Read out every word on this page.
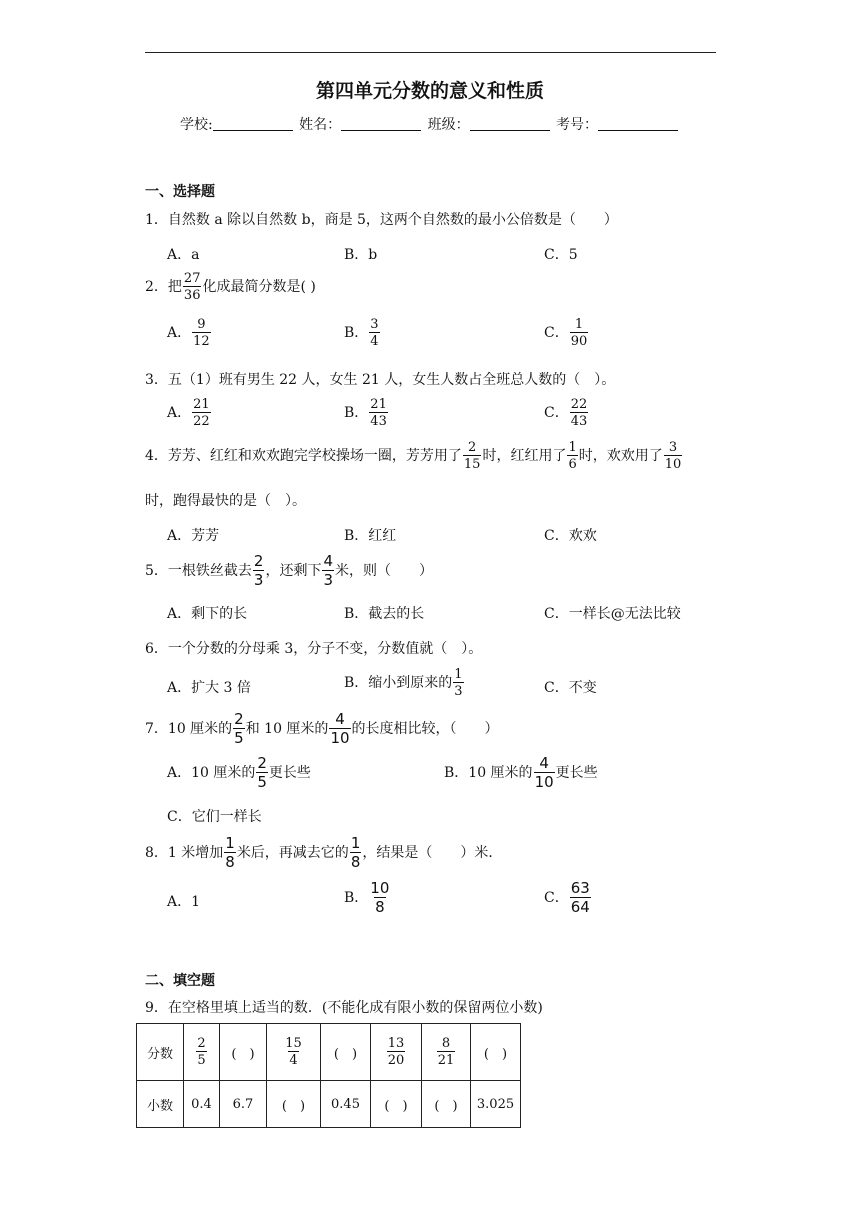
第四单元分数的意义和性质
学校:	姓名：	班级：	考号：
一、选择题
1．自然数 a 除以自然数 b，商是 5，这两个自然数的最小公倍数是（　　）
A．a	B．b	C．5
2．把 $\frac{27}{36}$ 化成最简分数是( )
A． $\frac{9}{12}$	B． $\frac{3}{4}$	C． $\frac{1}{90}$
3．五（1）班有男生 22 人，女生 21 人，女生人数占全班总人数的（　）。
A． $\frac{21}{22}$	B． $\frac{21}{43}$	C． $\frac{22}{43}$
4．芳芳、红红和欢欢跑完学校操场一圈，芳芳用了 $\frac{2}{15}$ 时，红红用了 $\frac{1}{6}$ 时，欢欢用了 $\frac{3}{10}$
时，跑得最快的是（　）。
A．芳芳	B．红红	C．欢欢
5．一根铁丝截去 $\frac{2}{3}$ ，还剩下 $\frac{4}{3}$ 米，则（　　）
A．剩下的长	B．截去的长	C．一样长@无法比较
6．一个分数的分母乘 3，分子不变，分数值就（　）。
A．扩大 3 倍	B．缩小到原来的 $\frac{1}{3}$	C．不变
7．10 厘米的 $\frac{2}{5}$ 和 10 厘米的 $\frac{4}{10}$ 的长度相比较，（　　）
A．10 厘米的 $\frac{2}{5}$ 更长些	B．10 厘米的 $\frac{4}{10}$ 更长些
C．它们一样长
8．1 米增加 $\frac{1}{8}$ 米后，再减去它的 $\frac{1}{8}$ ，结果是（　　）米．
A．1	B． $\frac{10}{8}$	C． $\frac{63}{64}$
二、填空题
9．在空格里填上适当的数．(不能化成有限小数的保留两位小数)
分数	$\frac{2}{5}$	(　)	$\frac{15}{4}$	(　)	$\frac{13}{20}$	$\frac{8}{21}$	(　)
小数	0.4	6.7	(　)	0.45	(　)	(　)	3.025
